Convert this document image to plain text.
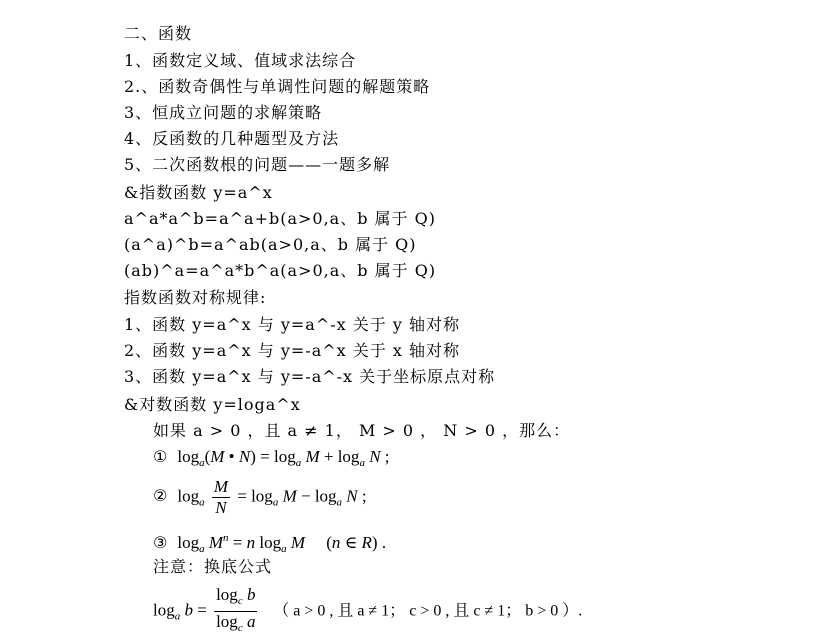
二、函数
1、函数定义域、值域求法综合
2.、函数奇偶性与单调性问题的解题策略
3、恒成立问题的求解策略
4、反函数的几种题型及方法
5、二次函数根的问题——一题多解
&指数函数 y=a^x
a^a*a^b=a^a+b(a>0,a、b 属于 Q)
(a^a)^b=a^ab(a>0,a、b 属于 Q)
(ab)^a=a^a*b^a(a>0,a、b 属于 Q)
指数函数对称规律:
1、函数 y=a^x 与 y=a^-x 关于 y 轴对称
2、函数 y=a^x 与 y=-a^x 关于 x 轴对称
3、函数 y=a^x 与 y=-a^-x 关于坐标原点对称
&对数函数 y=loga^x
如果 a > 0 ，且 a ≠ 1， M > 0 ， N > 0 ，那么：
① $\log_a(M$ • $N) = \log_a M + \log_a N$ ;
② $\log_a \frac{M}{N} = \log_a M - \log_a N$ ;
③ $\log_a M^n = n$ $\log_a M$     (n ∈ R) .
注意：换底公式
$\log_a b = \frac{\log_c b}{\log_c a}$ （ a > 0 , 且 a ≠ 1； c > 0 , 且 c ≠ 1； b > 0 ）.
